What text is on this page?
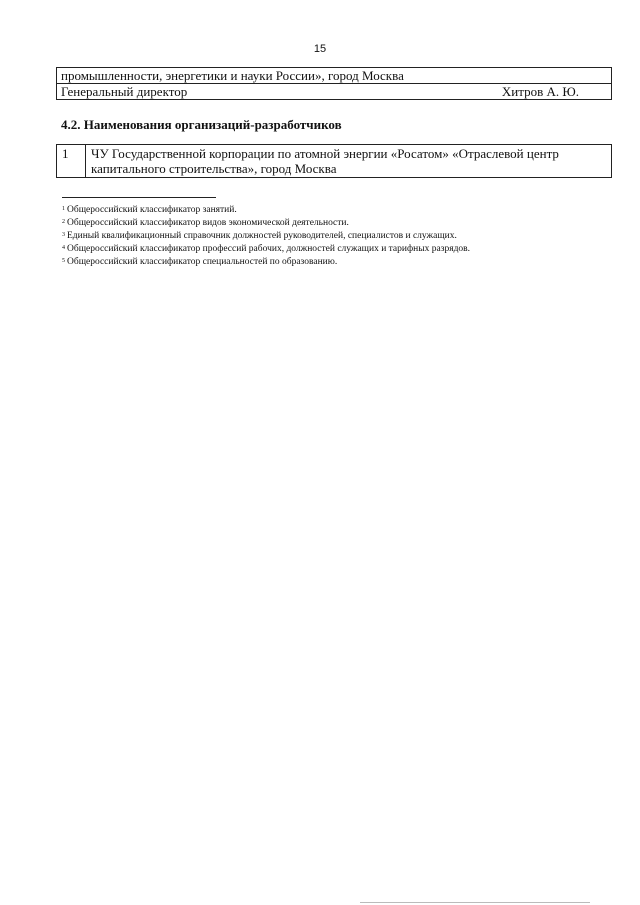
15
промышленности, энергетики и науки России», город Москва
Генеральный директор	Хитров А. Ю.
4.2. Наименования организаций-разработчиков
1	ЧУ Государственной корпорации по атомной энергии «Росатом» «Отраслевой центр
капитального строительства», город Москва
$^1$ Общероссийский классификатор занятий.
$^2$ Общероссийский классификатор видов экономической деятельности.
$^3$ Единый квалификационный справочник должностей руководителей, специалистов и служащих.
$^4$ Общероссийский классификатор профессий рабочих, должностей служащих и тарифных разрядов.
$^5$ Общероссийский классификатор специальностей по образованию.
